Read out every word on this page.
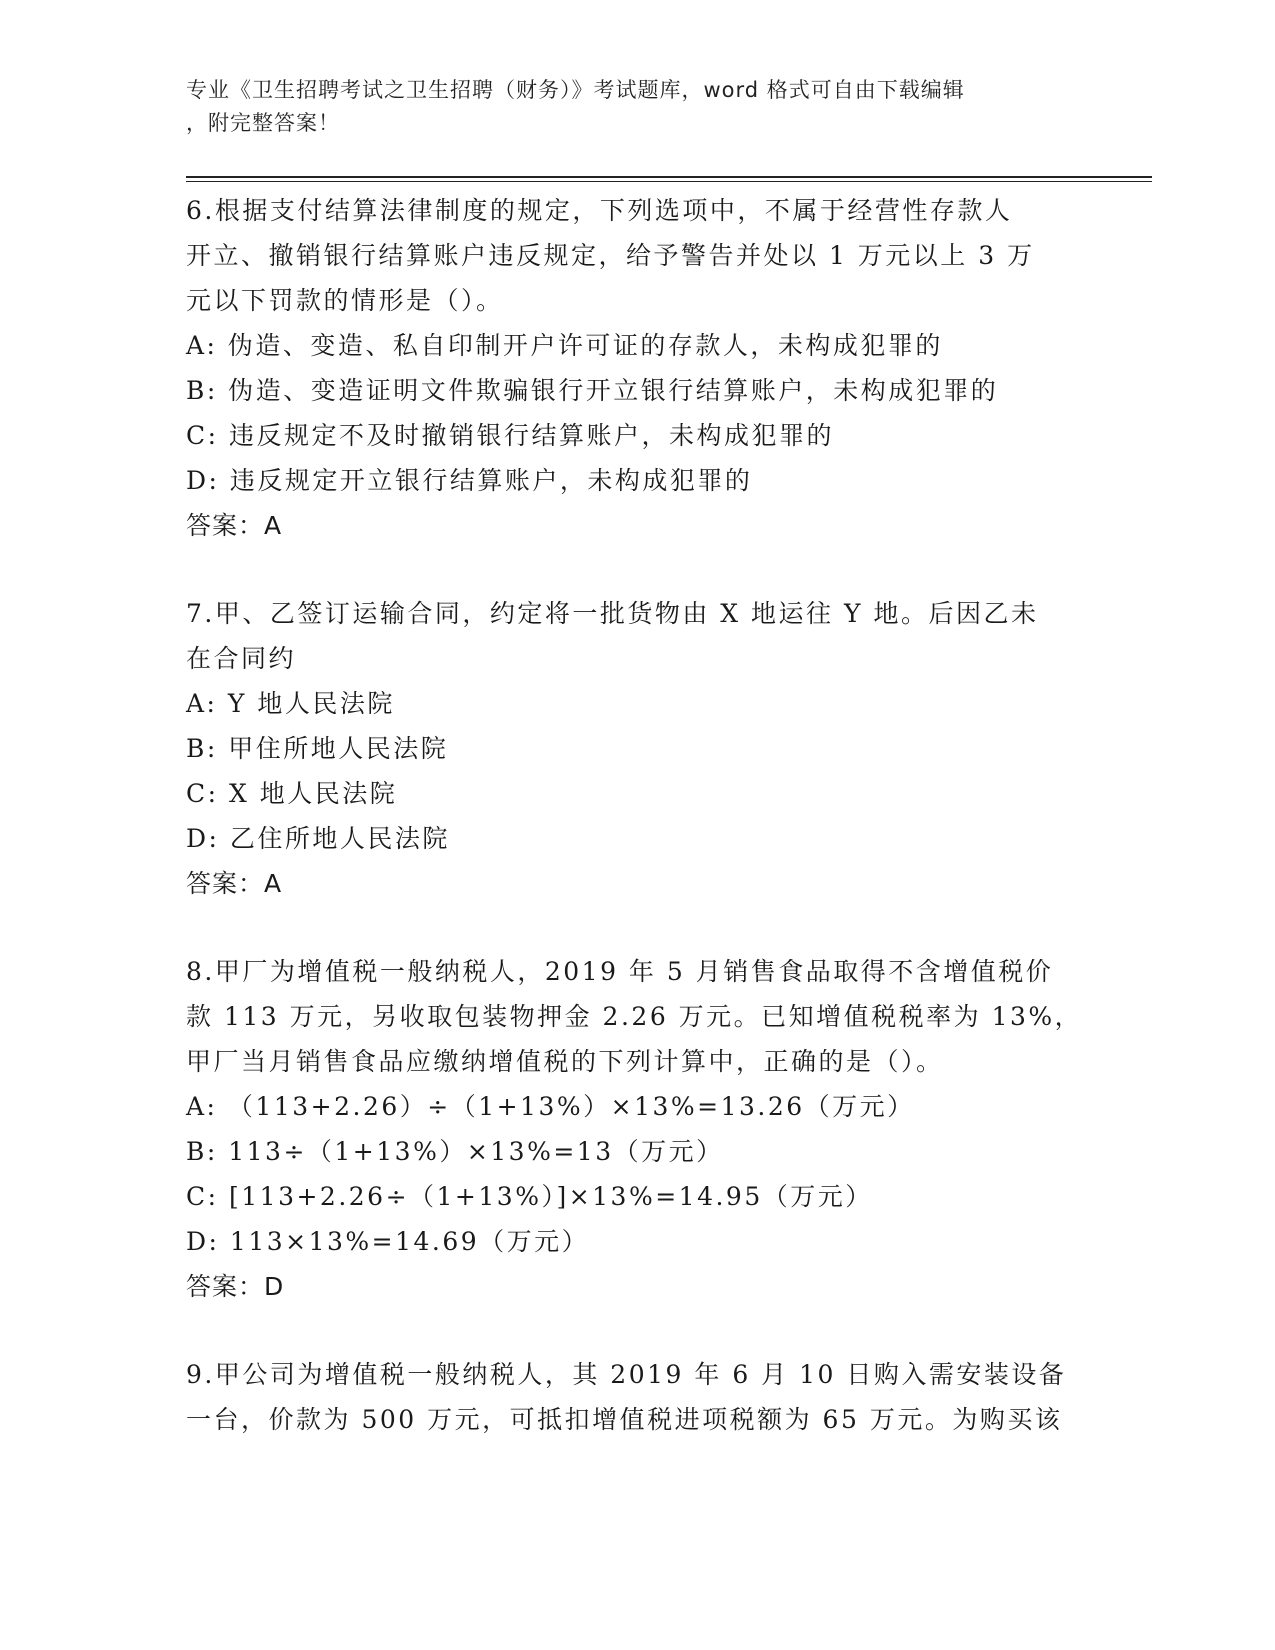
专业《卫生招聘考试之卫生招聘（财务）》考试题库，word 格式可自由下载编辑
，附完整答案！
6.根据支付结算法律制度的规定，下列选项中，不属于经营性存款人
开立、撤销银行结算账户违反规定，给予警告并处以 1 万元以上 3 万
元以下罚款的情形是（）。
A: 伪造、变造、私自印制开户许可证的存款人，未构成犯罪的
B: 伪造、变造证明文件欺骗银行开立银行结算账户，未构成犯罪的
C: 违反规定不及时撤销银行结算账户，未构成犯罪的
D: 违反规定开立银行结算账户，未构成犯罪的
答案：A
7.甲、乙签订运输合同，约定将一批货物由 X 地运往 Y 地。后因乙未
在合同约
A: Y 地人民法院
B: 甲住所地人民法院
C: X 地人民法院
D: 乙住所地人民法院
答案：A
8.甲厂为增值税一般纳税人，2019 年 5 月销售食品取得不含增值税价
款 113 万元，另收取包装物押金 2.26 万元。已知增值税税率为 13%，
甲厂当月销售食品应缴纳增值税的下列计算中，正确的是（）。
A: （113+2.26）÷（1+13%）×13%=13.26（万元）
B: 113÷（1+13%）×13%=13（万元）
C: [113+2.26÷（1+13%）]×13%=14.95（万元）
D: 113×13%=14.69（万元）
答案：D
9.甲公司为增值税一般纳税人，其 2019 年 6 月 10 日购入需安装设备
一台，价款为 500 万元，可抵扣增值税进项税额为 65 万元。为购买该
